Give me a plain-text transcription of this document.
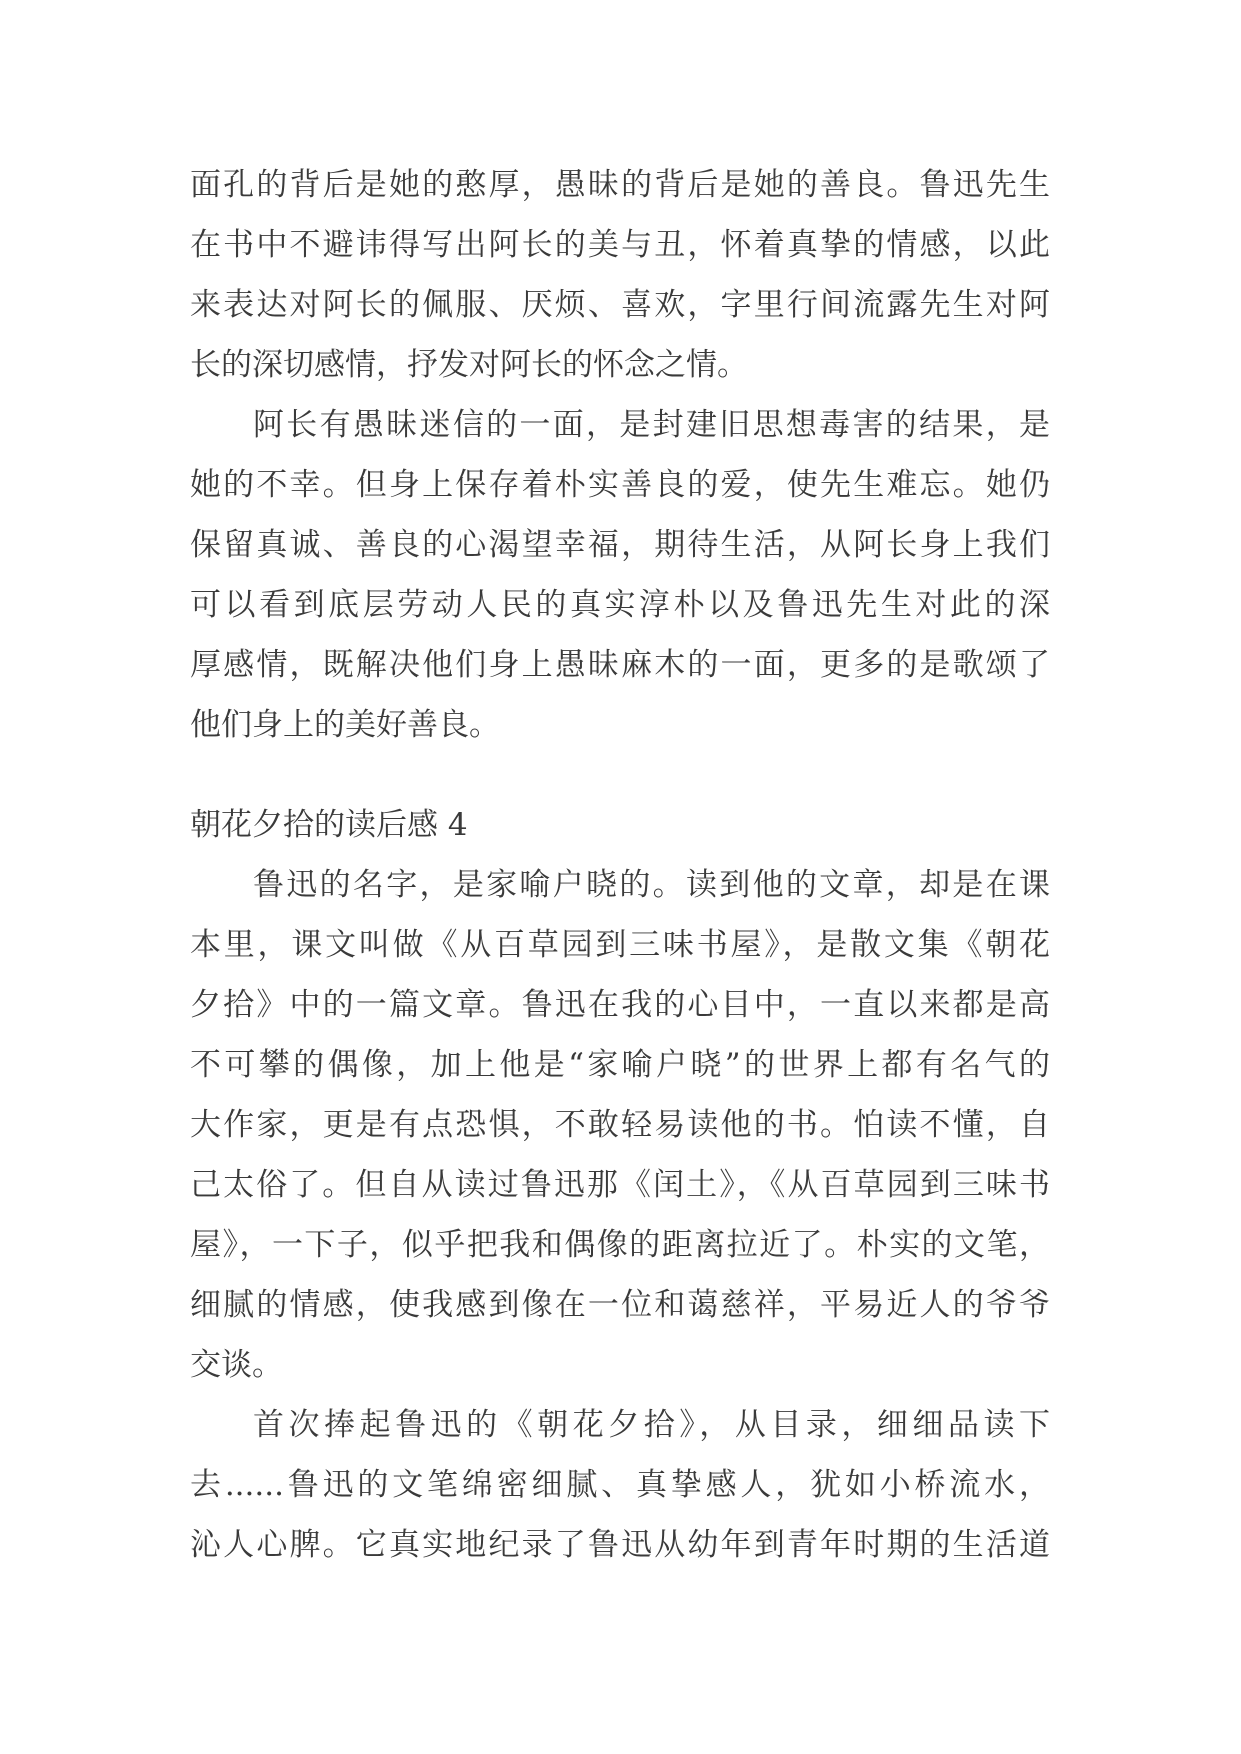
面孔的背后是她的憨厚，愚昧的背后是她的善良。鲁迅先生
在书中不避讳得写出阿长的美与丑，怀着真挚的情感，以此
来表达对阿长的佩服、厌烦、喜欢，字里行间流露先生对阿
长的深切感情，抒发对阿长的怀念之情。
阿长有愚昧迷信的一面，是封建旧思想毒害的结果，是
她的不幸。但身上保存着朴实善良的爱，使先生难忘。她仍
保留真诚、善良的心渴望幸福，期待生活，从阿长身上我们
可以看到底层劳动人民的真实淳朴以及鲁迅先生对此的深
厚感情，既解决他们身上愚昧麻木的一面，更多的是歌颂了
他们身上的美好善良。
朝花夕拾的读后感 4
鲁迅的名字，是家喻户晓的。读到他的文章，却是在课
本里，课文叫做《从百草园到三味书屋》，是散文集《朝花
夕拾》中的一篇文章。鲁迅在我的心目中，一直以来都是高
不可攀的偶像，加上他是“家喻户晓”的世界上都有名气的
大作家，更是有点恐惧，不敢轻易读他的书。怕读不懂，自
己太俗了。但自从读过鲁迅那《闰土》，《从百草园到三味书
屋》，一下子，似乎把我和偶像的距离拉近了。朴实的文笔，
细腻的情感，使我感到像在一位和蔼慈祥，平易近人的爷爷
交谈。
首次捧起鲁迅的《朝花夕拾》，从目录，细细品读下
去......鲁迅的文笔绵密细腻、真挚感人，犹如小桥流水，
沁人心脾。它真实地纪录了鲁迅从幼年到青年时期的生活道
